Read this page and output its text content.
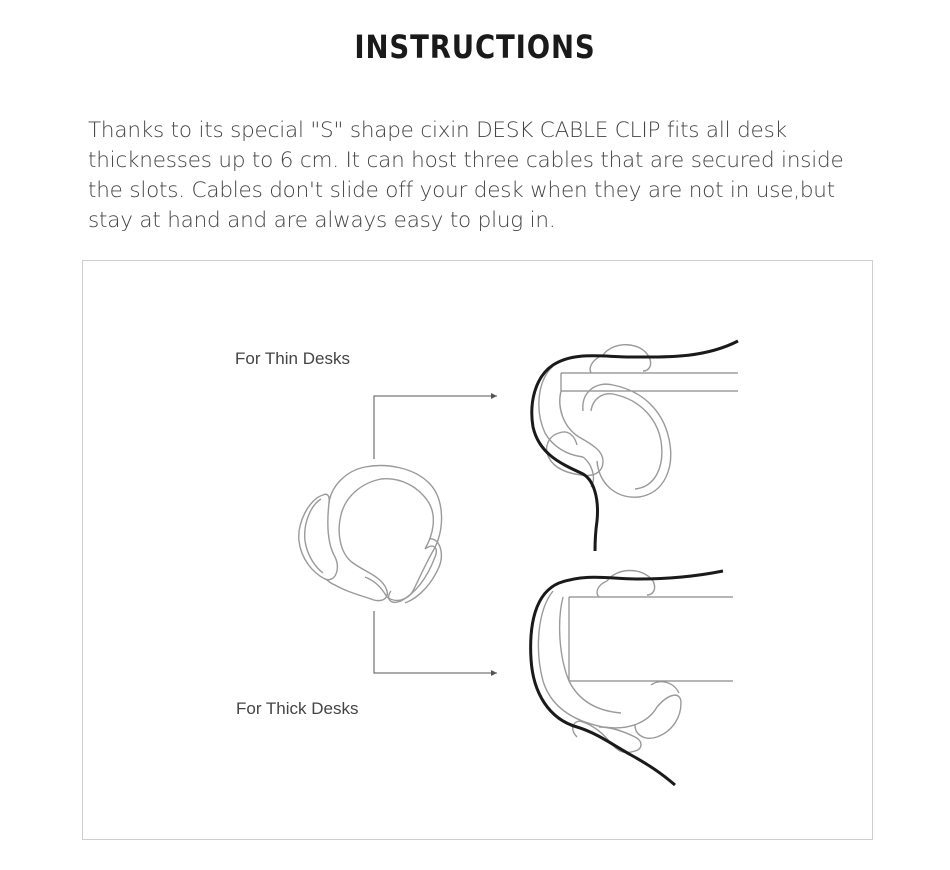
INSTRUCTIONS

Thanks to its special "S" shape cixin DESK CABLE CLIP fits all desk thicknesses up to 6 cm. It can host three cables that are secured inside the slots. Cables don't slide off your desk when they are not in use,but stay at hand and are always easy to plug in.

For Thin Desks
For Thick Desks
